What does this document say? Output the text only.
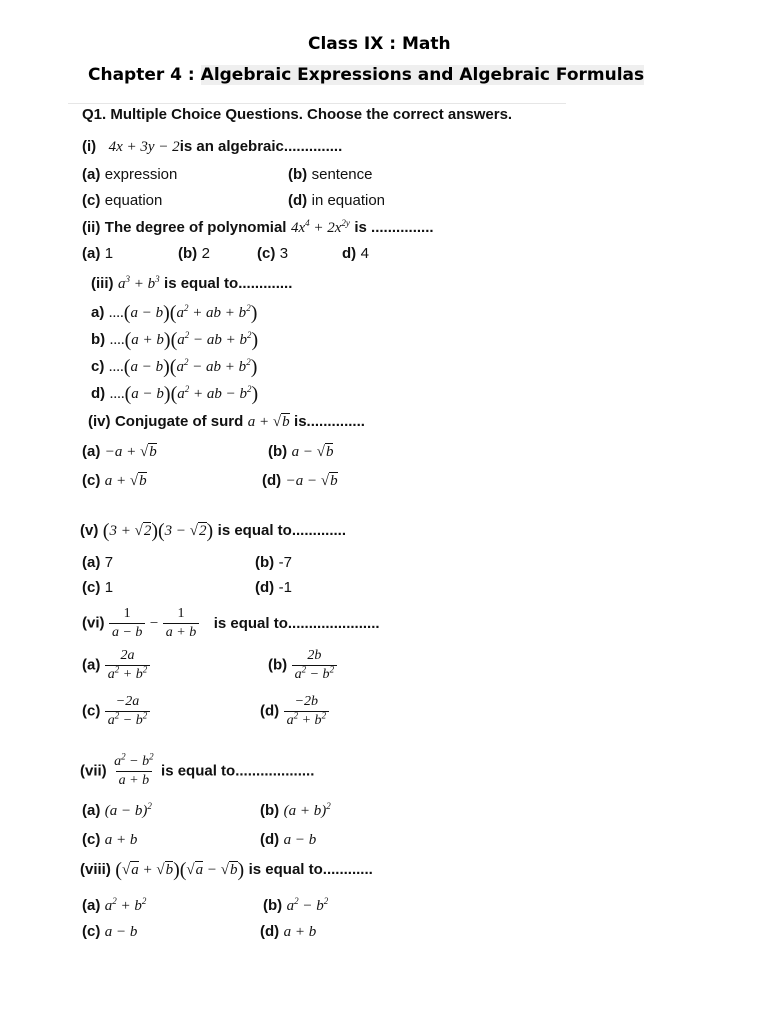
Class IX : Math
Chapter 4 : Algebraic Expressions and Algebraic Formulas
Q1. Multiple Choice Questions. Choose the correct answers.
(i) 4x + 3y − 2is an algebraic..............
(a) expression	(b) sentence
(c) equation	(d) in equation
(ii) The degree of polynomial $4x^4 + 2x^{2y}$ is ...............
(a) 1	(b) 2	(c) 3	d) 4
(iii) $a^3 + b^3$ is equal to.............
a) $....(a - b)(a^2$ + ab + $b^2$)
b) $....(a + b)(a^2$ − ab + $b^2$)
c) $....(a - b)(a^2$ − ab + $b^2$)
d) $....(a - b)(a^2$ + ab − $b^2$)
(iv) Conjugate of surd a + √b is..............
(a) −a + √b	(b) a − √b
(c) a + √b	(d) −a − √b
(v) (3 + √2)(3 − √2) is equal to.............
(a) 7	(b) -7
(c) 1	(d) -1
$(vi) \frac{1}{a - b} - \frac{1}{a + b}$ is equal to......................
$(a) \frac{2a}{a^2 + b^2}$	$(b) \frac{2b}{a^2 - b^2}$
$(c) \frac{-2a}{a^2 - b^2}$	$(d) \frac{-2b}{a^2 + b^2}$
$(vii) \frac{a^2 - b^2}{a + b}$ is equal to...................
(a) $(a - b)^2$	(b) $(a + b)^2$
(c) a + b	(d) a − b
(viii) (√a + √b)(√a − √b) is equal to............
(a) $a^2 + b^2$	(b) $a^2 - b^2$
(c) a − b	(d) a + b
